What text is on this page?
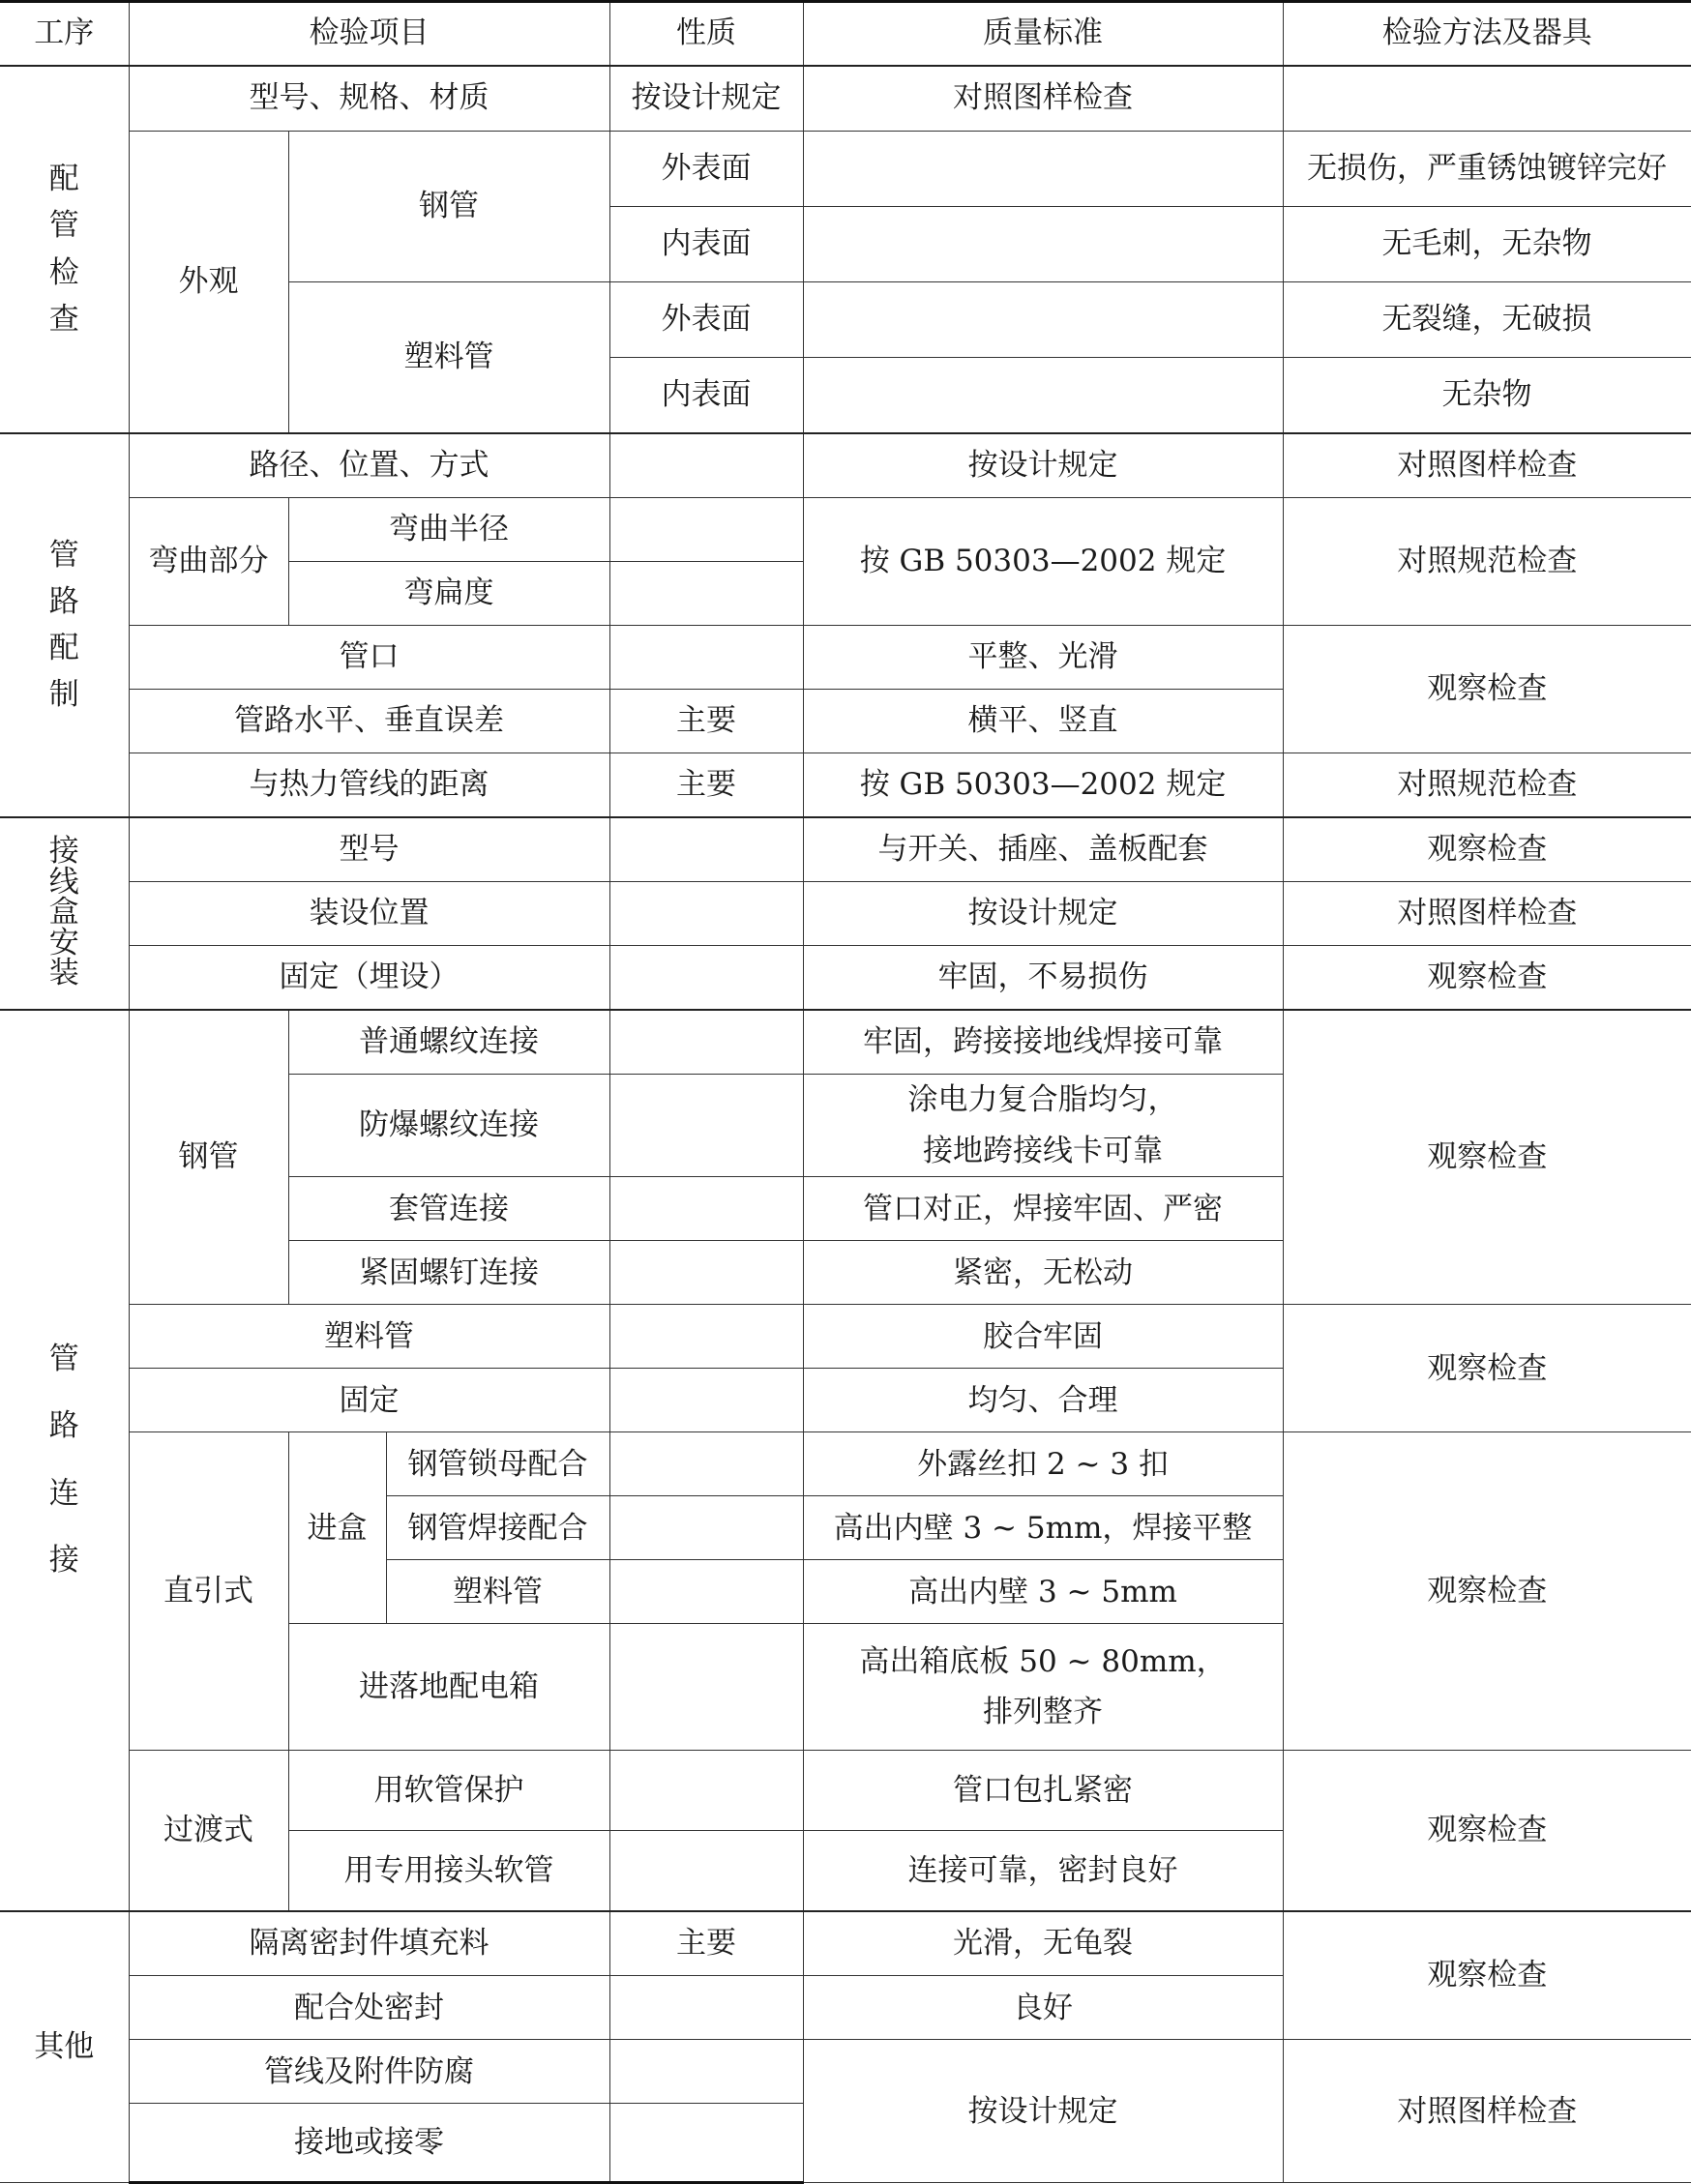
工序	检验项目			性质	质量标准	检验方法及器具	

配
管
检
查	型号、规格、材质			按设计规定	对照图样检查		
	外观	钢管		外表面		无损伤，严重锈蚀镀锌完好	
				内表面		无毛刺，无杂物	
		塑料管		外表面		无裂缝，无破损	
				内表面		无杂物	

管
路
配
制	路径、位置、方式				按设计规定	对照图样检查	
	弯曲部分	弯曲半径			按 GB 50303—2002 规定	对照规范检查	
		弯扁度					
	管口				平整、光滑	观察检查	
	管路水平、垂直误差			主要	横平、竖直		
	与热力管线的距离			主要	按 GB 50303—2002 规定	对照规范检查	

接
线
盒
安
装	型号				与开关、插座、盖板配套	观察检查	
	装设位置				按设计规定	对照图样检查	
	固定（埋设）				牢固，不易损伤	观察检查	

管
路
连
接	钢管	普通螺纹连接			牢固，跨接接地线焊接可靠	观察检查	
		防爆螺纹连接			涂电力复合脂均匀，
接地跨接线卡可靠		

		套管连接			管口对正，焊接牢固、严密		
		紧固螺钉连接			紧密，无松动		
	塑料管				胶合牢固	观察检查	
	固定				均匀、合理		
	直引式	进盒	钢管锁母配合		外露丝扣 2 ~ 3 扣	观察检查	
			钢管焊接配合		高出内壁 3 ~ 5mm，焊接平整		
			塑料管		高出内壁 3 ~ 5mm		
		进落地配电箱			高出箱底板 50 ~ 80mm，
排列整齐		

	过渡式	用软管保护			管口包扎紧密	观察检查	
		用专用接头软管			连接可靠，密封良好		
其他	隔离密封件填充料			主要	光滑，无龟裂	观察检查	
	配合处密封				良好		
	管线及附件防腐				按设计规定	对照图样检查	
	接地或接零						
